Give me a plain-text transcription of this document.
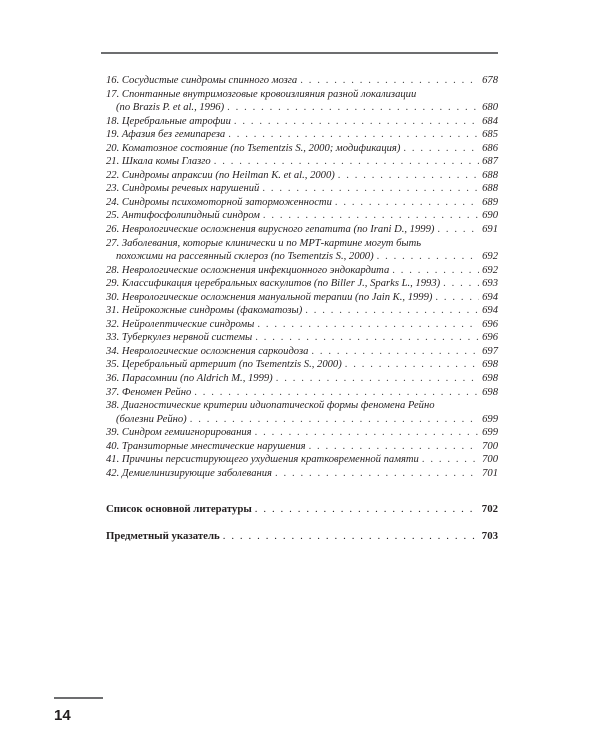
16. Сосудистые синдромы спинного мозга . . .	678
17. Спонтанные внутримозговые кровоизлияния разной локализации
(по Brazis P. et al., 1996) . . .	680
18. Церебральные атрофии . . .	684
19. Афазия без гемипареза . . .	685
20. Коматозное состояние (по Tsementzis S., 2000; модификация) . . .	686
21. Шкала комы Глазго . . .	687
22. Синдромы апраксии (по Heilman K. et al., 2000) . . .	688
23. Синдромы речевых нарушений . . .	688
24. Синдромы психомоторной заторможенности . . .	689
25. Антифосфолипидный синдром . . .	690
26. Неврологические осложнения вирусного гепатита (по Irani D., 1999) . . .	691
27. Заболевания, которые клинически и по МРТ-картине могут быть
похожими на рассеянный склероз (по Tsementzis S., 2000) . . .	692
28. Неврологические осложнения инфекционного эндокардита . . .	692
29. Классификация церебральных васкулитов (по Biller J., Sparks L., 1993) . . .	693
30. Неврологические осложнения мануальной терапии (по Jain K., 1999) . . .	694
31. Нейрокожные синдромы (факоматозы) . . .	694
32. Нейролептические синдромы . . .	696
33. Туберкулез нервной системы . . .	696
34. Неврологические осложнения саркоидоза . . .	697
35. Церебральный артериит (по Tsementzis S., 2000) . . .	698
36. Парасомнии (по Aldrich M., 1999) . . .	698
37. Феномен Рейно . . .	698
38. Диагностические критерии идиопатической формы феномена Рейно
(болезни Рейно) . . .	699
39. Синдром гемиигнорирования . . .	699
40. Транзиторные мнестические нарушения . . .	700
41. Причины персистирующего ухудшения кратковременной памяти . . .	700
42. Демиелинизирующие заболевания . . .	701
Список основной литературы . . .	702
Предметный указатель . . .	703
14
